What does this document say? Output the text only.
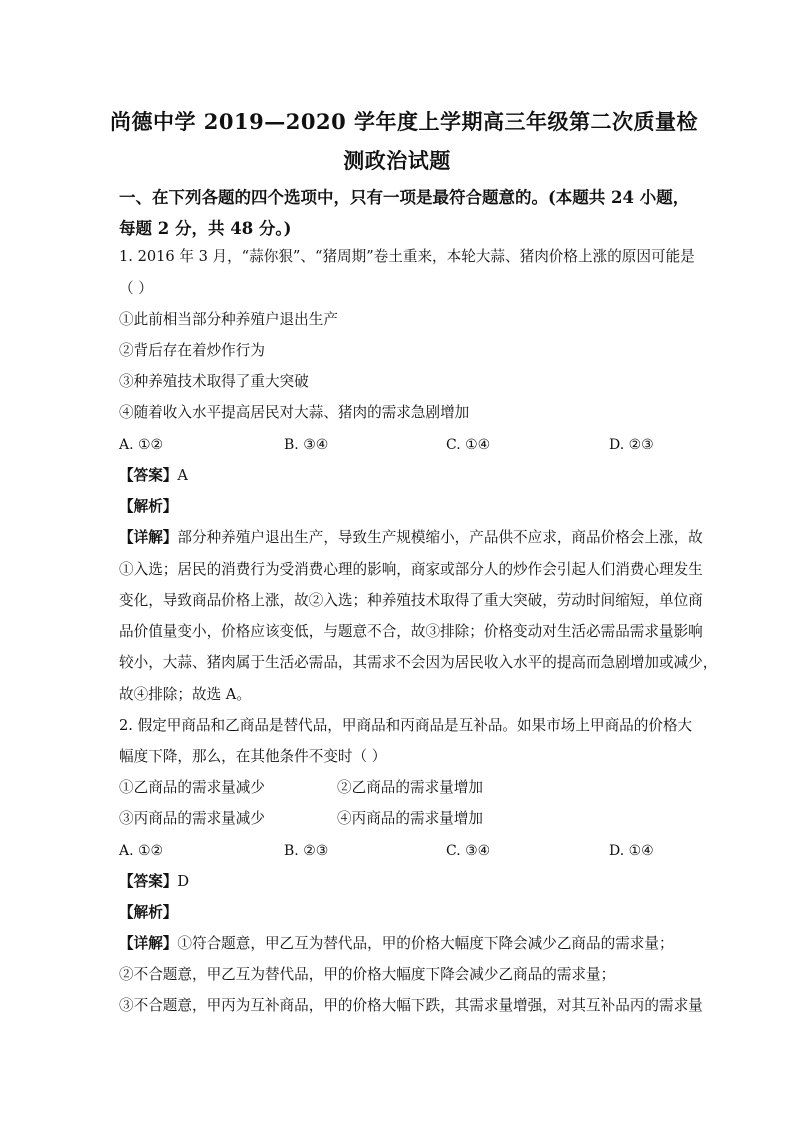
尚德中学 2019—2020 学年度上学期高三年级第二次质量检
测政治试题
一、在下列各题的四个选项中，只有一项是最符合题意的。(本题共 24 小题，
每题 2 分，共 48 分。)
1. 2016 年 3 月，“蒜你狠”、“猪周期”卷土重来，本轮大蒜、猪肉价格上涨的原因可能是
（ ）
①此前相当部分种养殖户退出生产
②背后存在着炒作行为
③种养殖技术取得了重大突破
④随着收入水平提高居民对大蒜、猪肉的需求急剧增加
A. ①②	B. ③④	C. ①④	D. ②③
【答案】A
【解析】
【详解】部分种养殖户退出生产，导致生产规模缩小，产品供不应求，商品价格会上涨，故
①入选；居民的消费行为受消费心理的影响，商家或部分人的炒作会引起人们消费心理发生
变化，导致商品价格上涨，故②入选；种养殖技术取得了重大突破，劳动时间缩短，单位商
品价值量变小，价格应该变低，与题意不合，故③排除；价格变动对生活必需品需求量影响
较小，大蒜、猪肉属于生活必需品，其需求不会因为居民收入水平的提高而急剧增加或减少，
故④排除；故选 A。
2. 假定甲商品和乙商品是替代品，甲商品和丙商品是互补品。如果市场上甲商品的价格大
幅度下降，那么，在其他条件不变时（ ）
①乙商品的需求量减少	②乙商品的需求量增加
③丙商品的需求量减少	④丙商品的需求量增加
A. ①②	B. ②③	C. ③④	D. ①④
【答案】D
【解析】
【详解】①符合题意，甲乙互为替代品，甲的价格大幅度下降会减少乙商品的需求量；
②不合题意，甲乙互为替代品，甲的价格大幅度下降会减少乙商品的需求量；
③不合题意，甲丙为互补商品，甲的价格大幅下跌，其需求量增强，对其互补品丙的需求量
